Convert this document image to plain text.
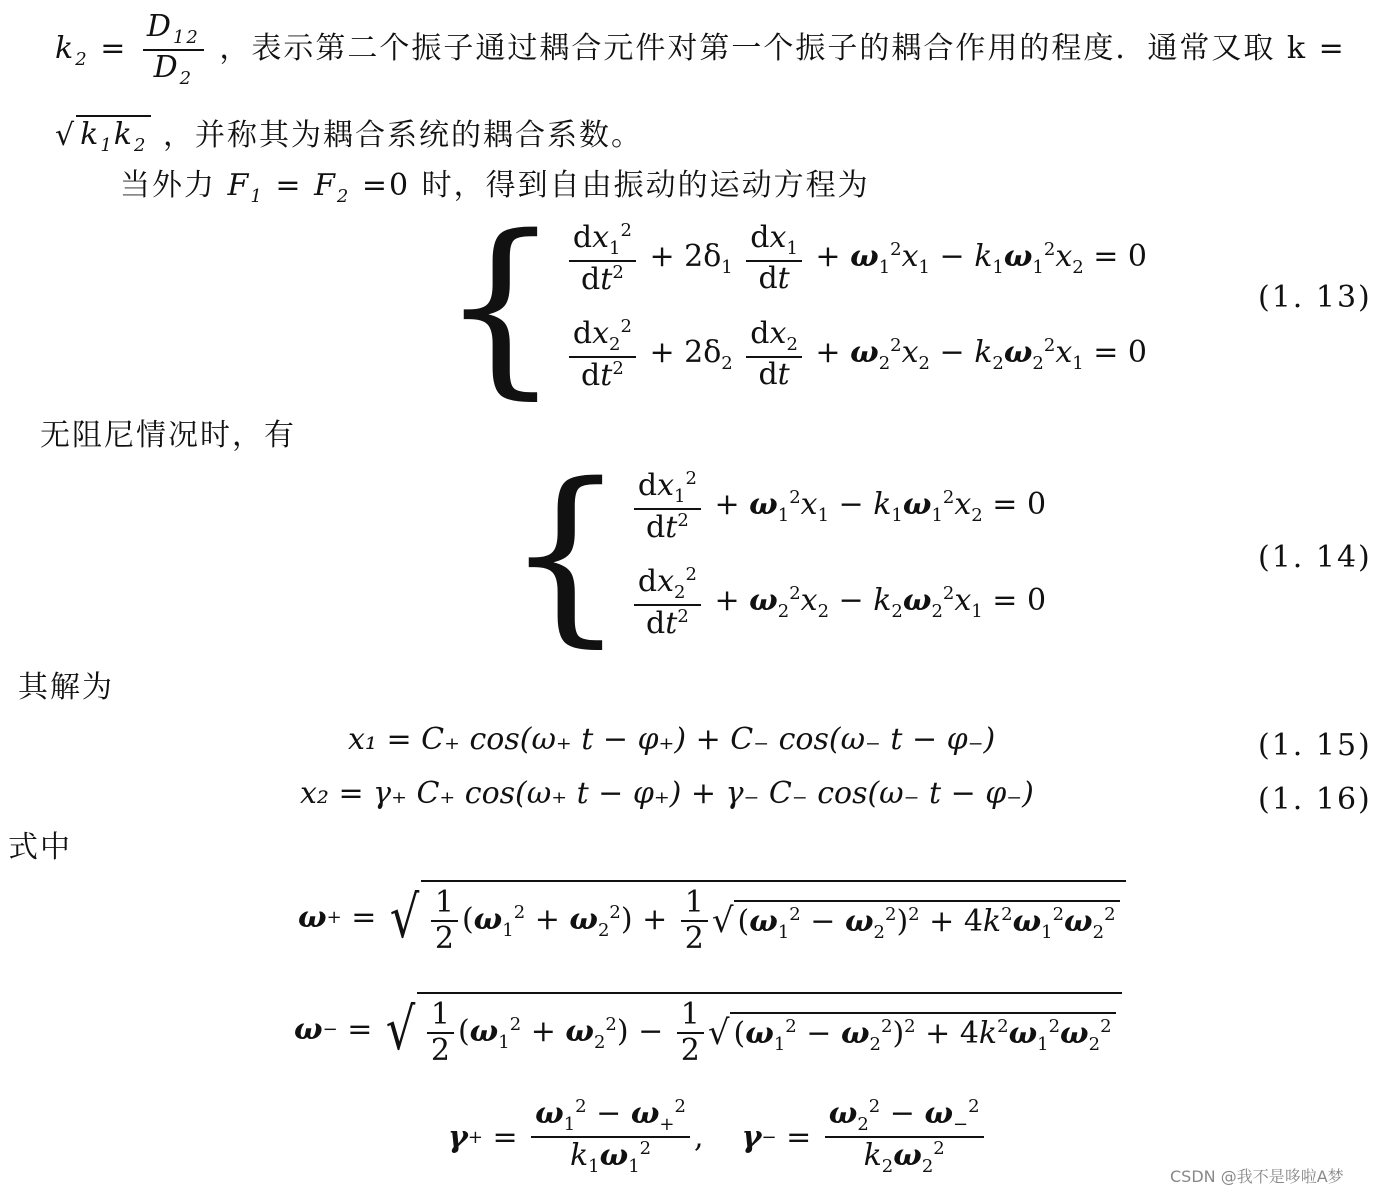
$k_2 = \frac{D_{12}}{D_2}$ ，表示第二个振子通过耦合元件对第一个振子的耦合作用的程度．通常又取 k =
√ $k_1k_2$ ，并称其为耦合系统的耦合系数。
当外力 $F_1 = F_2 =0$ 时，得到自由振动的运动方程为
{ $\frac{dx_1^2}{dt^2} + 2\delta_1 \frac{dx_1}{dt} + \omega_1^2x_1 - k_1\omega_1^2x_2 = 0$
$\frac{dx_2^2}{dt^2} + 2\delta_2 \frac{dx_2}{dt} + \omega_2^2x_2 - k_2\omega_2^2x_1 = 0$
(1. 13)
无阻尼情况时，有
{ $\frac{dx_1^2}{dt^2} + \omega_1^2x_1 - k_1\omega_1^2x_2 = 0$
$\frac{dx_2^2}{dt^2} + \omega_2^2x_2 - k_2\omega_2^2x_1 = 0$
(1. 14)
其解为
x₁ = C₊ cos(ω₊ t − φ₊) + C₋ cos(ω₋ t − φ₋)	(1. 15)
x₂ = γ₊ C₊ cos(ω₊ t − φ₊) + γ₋ C₋ cos(ω₋ t − φ₋)	(1. 16)
式中
ω + = √ $\frac{1}{2} (\omega_1^2 + \omega_2^2) + \frac{1}{2}$ √ $(\omega_1^2 - \omega_2^2)^2 + 4k^2\omega_1^2\omega_2^2$
ω − = √ $\frac{1}{2} (\omega_1^2 + \omega_2^2) - \frac{1}{2}$ √ $(\omega_1^2 - \omega_2^2)^2 + 4k^2\omega_1^2\omega_2^2$
γ + = $\frac{\omega_1^2 - \omega_+^2}{k_1\omega_1^2}$ , γ − = $\frac{\omega_2^2 - \omega_-^2}{k_2\omega_2^2}$
CSDN @我不是哆啦A梦
